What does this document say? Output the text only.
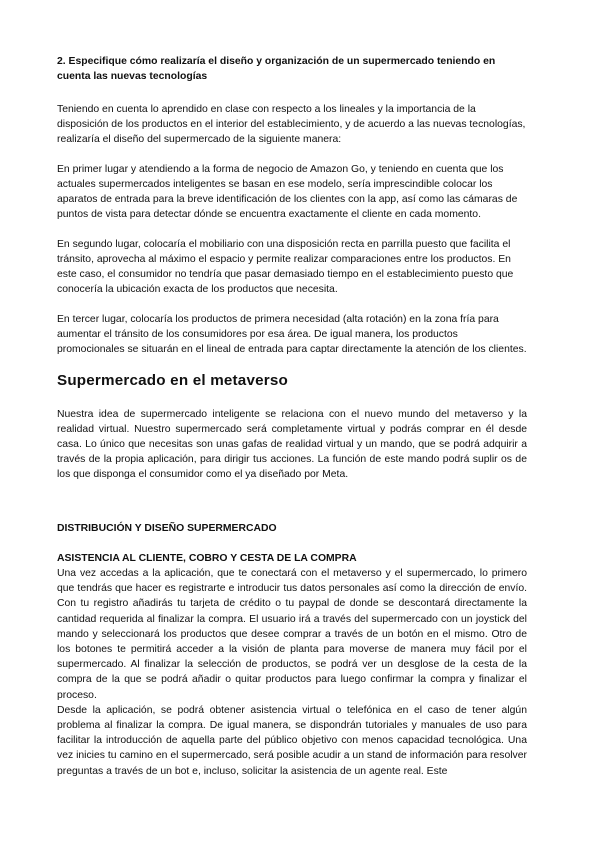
2. Especifique cómo realizaría el diseño y organización de un supermercado teniendo en cuenta las nuevas tecnologías

Teniendo en cuenta lo aprendido en clase con respecto a los lineales y la importancia de la disposición de los productos en el interior del establecimiento, y de acuerdo a las nuevas tecnologías, realizaría el diseño del supermercado de la siguiente manera:

En primer lugar y atendiendo a la forma de negocio de Amazon Go, y teniendo en cuenta que los actuales supermercados inteligentes se basan en ese modelo, sería imprescindible colocar los aparatos de entrada para la breve identificación de los clientes con la app, así como las cámaras de puntos de vista para detectar dónde se encuentra exactamente el cliente en cada momento.

En segundo lugar, colocaría el mobiliario con una disposición recta en parrilla puesto que facilita el tránsito, aprovecha al máximo el espacio y permite realizar comparaciones entre los productos. En este caso, el consumidor no tendría que pasar demasiado tiempo en el establecimiento puesto que conocería la ubicación exacta de los productos que necesita.

En tercer lugar, colocaría los productos de primera necesidad (alta rotación) en la zona fría para aumentar el tránsito de los consumidores por esa área. De igual manera, los productos promocionales se situarán en el lineal de entrada para captar directamente la atención de los clientes.

Supermercado en el metaverso

Nuestra idea de supermercado inteligente se relaciona con el nuevo mundo del metaverso y la realidad virtual. Nuestro supermercado será completamente virtual y podrás comprar en él desde casa. Lo único que necesitas son unas gafas de realidad virtual y un mando, que se podrá adquirir a través de la propia aplicación, para dirigir tus acciones. La función de este mando podrá suplir os de los que disponga el consumidor como el ya diseñado por Meta.

DISTRIBUCIÓN Y DISEÑO SUPERMERCADO

ASISTENCIA AL CLIENTE, COBRO Y CESTA DE LA COMPRA

Una vez accedas a la aplicación, que te conectará con el metaverso y el supermercado, lo primero que tendrás que hacer es registrarte e introducir tus datos personales así como la dirección de envío. Con tu registro añadirás tu tarjeta de crédito o tu paypal de donde se descontará directamente la cantidad requerida al finalizar la compra. El usuario irá a través del supermercado con un joystick del mando y seleccionará los productos que desee comprar a través de un botón en el mismo. Otro de los botones te permitirá acceder a la visión de planta para moverse de manera muy fácil por el supermercado. Al finalizar la selección de productos, se podrá ver un desglose de la cesta de la compra de la que se podrá añadir o quitar productos para luego confirmar la compra y finalizar el proceso.

Desde la aplicación, se podrá obtener asistencia virtual o telefónica en el caso de tener algún problema al finalizar la compra. De igual manera, se dispondrán tutoriales y manuales de uso para facilitar la introducción de aquella parte del público objetivo con menos capacidad tecnológica. Una vez inicies tu camino en el supermercado, será posible acudir a un stand de información para resolver preguntas a través de un bot e, incluso, solicitar la asistencia de un agente real. Este
